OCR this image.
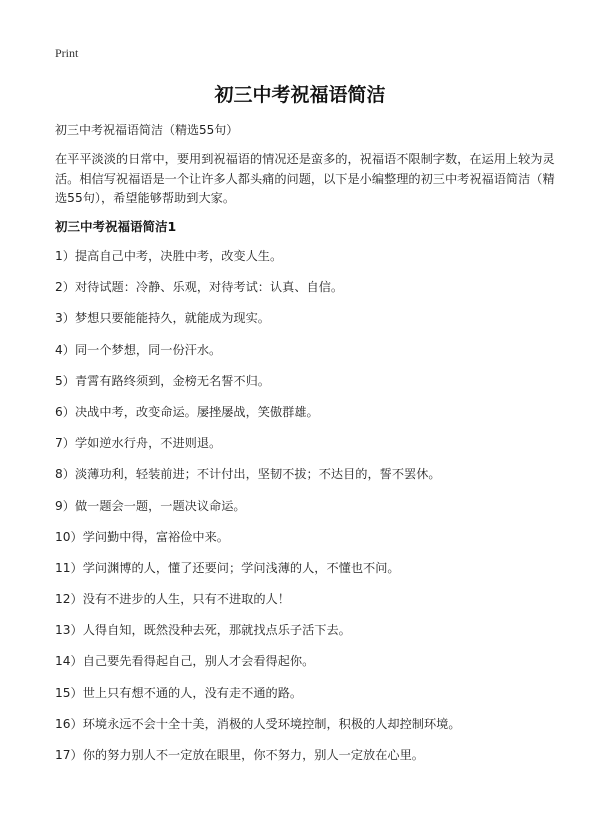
Print
初三中考祝福语简洁

初三中考祝福语简洁（精选55句）

在平平淡淡的日常中，要用到祝福语的情况还是蛮多的，祝福语不限制字数，在运用上较为灵活。相信写祝福语是一个让许多人都头痛的问题，以下是小编整理的初三中考祝福语简洁（精选55句），希望能够帮助到大家。

初三中考祝福语简洁1
1）提高自己中考，决胜中考，改变人生。
2）对待试题：冷静、乐观，对待考试：认真、自信。
3）梦想只要能能持久，就能成为现实。
4）同一个梦想，同一份汗水。
5）青霄有路终须到，金榜无名誓不归。
6）决战中考，改变命运。屡挫屡战，笑傲群雄。
7）学如逆水行舟，不进则退。
8）淡薄功利，轻装前进；不计付出，坚韧不拔；不达目的，誓不罢休。
9）做一题会一题，一题决议命运。
10）学问勤中得，富裕俭中来。
11）学问渊博的人，懂了还要问；学问浅薄的人，不懂也不问。
12）没有不进步的人生，只有不进取的人！
13）人得自知，既然没种去死，那就找点乐子活下去。
14）自己要先看得起自己，别人才会看得起你。
15）世上只有想不通的人，没有走不通的路。
16）环境永远不会十全十美，消极的人受环境控制，积极的人却控制环境。
17）你的努力别人不一定放在眼里，你不努力，别人一定放在心里。
